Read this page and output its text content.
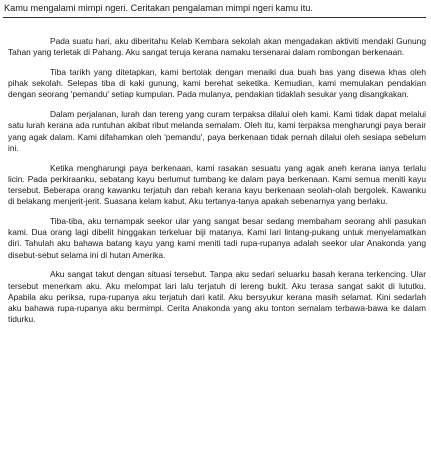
Kamu mengalami mimpi ngeri. Ceritakan pengalaman mimpi ngeri kamu itu.

Pada suatu hari, aku diberitahu Kelab Kembara sekolah akan mengadakan aktiviti mendaki Gunung Tahan yang terletak di Pahang. Aku sangat teruja kerana namaku tersenarai dalam rombongan berkenaan.

Tiba tarikh yang ditetapkan, kami bertolak dengan menaiki dua buah bas yang disewa khas oleh pihak sekolah. Selepas tiba di kaki gunung, kami berehat seketika. Kemudian, kami memulakan pendakian dengan seorang 'pemandu' setiap kumpulan. Pada mulanya, pendakian tidaklah sesukar yang disangkakan.

Dalam perjalanan, lurah dan tereng yang curam terpaksa dilalui oleh kami. Kami tidak dapat melalui satu lurah kerana ada runtuhan akibat ribut melanda semalam. Oleh itu, kami terpaksa mengharungi paya berair yang agak dalam. Kami difahamkan oleh 'pemandu', paya berkenaan tidak pernah dilalui oleh sesiapa sebelum ini.

Ketika mengharungi paya berkenaan, kami rasakan sesuatu yang agak aneh kerana ianya terlalu licin. Pada perkiraanku, sebatang kayu berlumut tumbang ke dalam paya berkenaan. Kami semua meniti kayu tersebut. Beberapa orang kawanku terjatuh dan rebah kerana kayu berkenaan seolah-olah bergolek. Kawanku di belakang menjerit-jerit. Suasana kelam kabut. Aku tertanya-tanya apakah sebenarnya yang berlaku.

Tiba-tiba, aku ternampak seekor ular yang sangat besar sedang membaham seorang ahli pasukan kami. Dua orang lagi dibelit hinggakan terkeluar biji matanya. Kami lari lintang-pukang untuk menyelamatkan diri. Tahulah aku bahawa batang kayu yang kami meniti tadi rupa-rupanya adalah seekor ular Anakonda yang disebut-sebut selama ini di hutan Amerika.

Aku sangat takut dengan situasi tersebut. Tanpa aku sedari seluarku basah kerana terkencing. Ular tersebut menerkam aku. Aku melompat lari lalu terjatuh di lereng bukit. Aku terasa sangat sakit di lututku. Apabila aku periksa, rupa-rupanya aku terjatuh dari katil. Aku bersyukur kerana masih selamat. Kini sedarlah aku bahawa rupa-rupanya aku bermimpi. Cerita Anakonda yang aku tonton semalam terbawa-bawa ke dalam tidurku.
